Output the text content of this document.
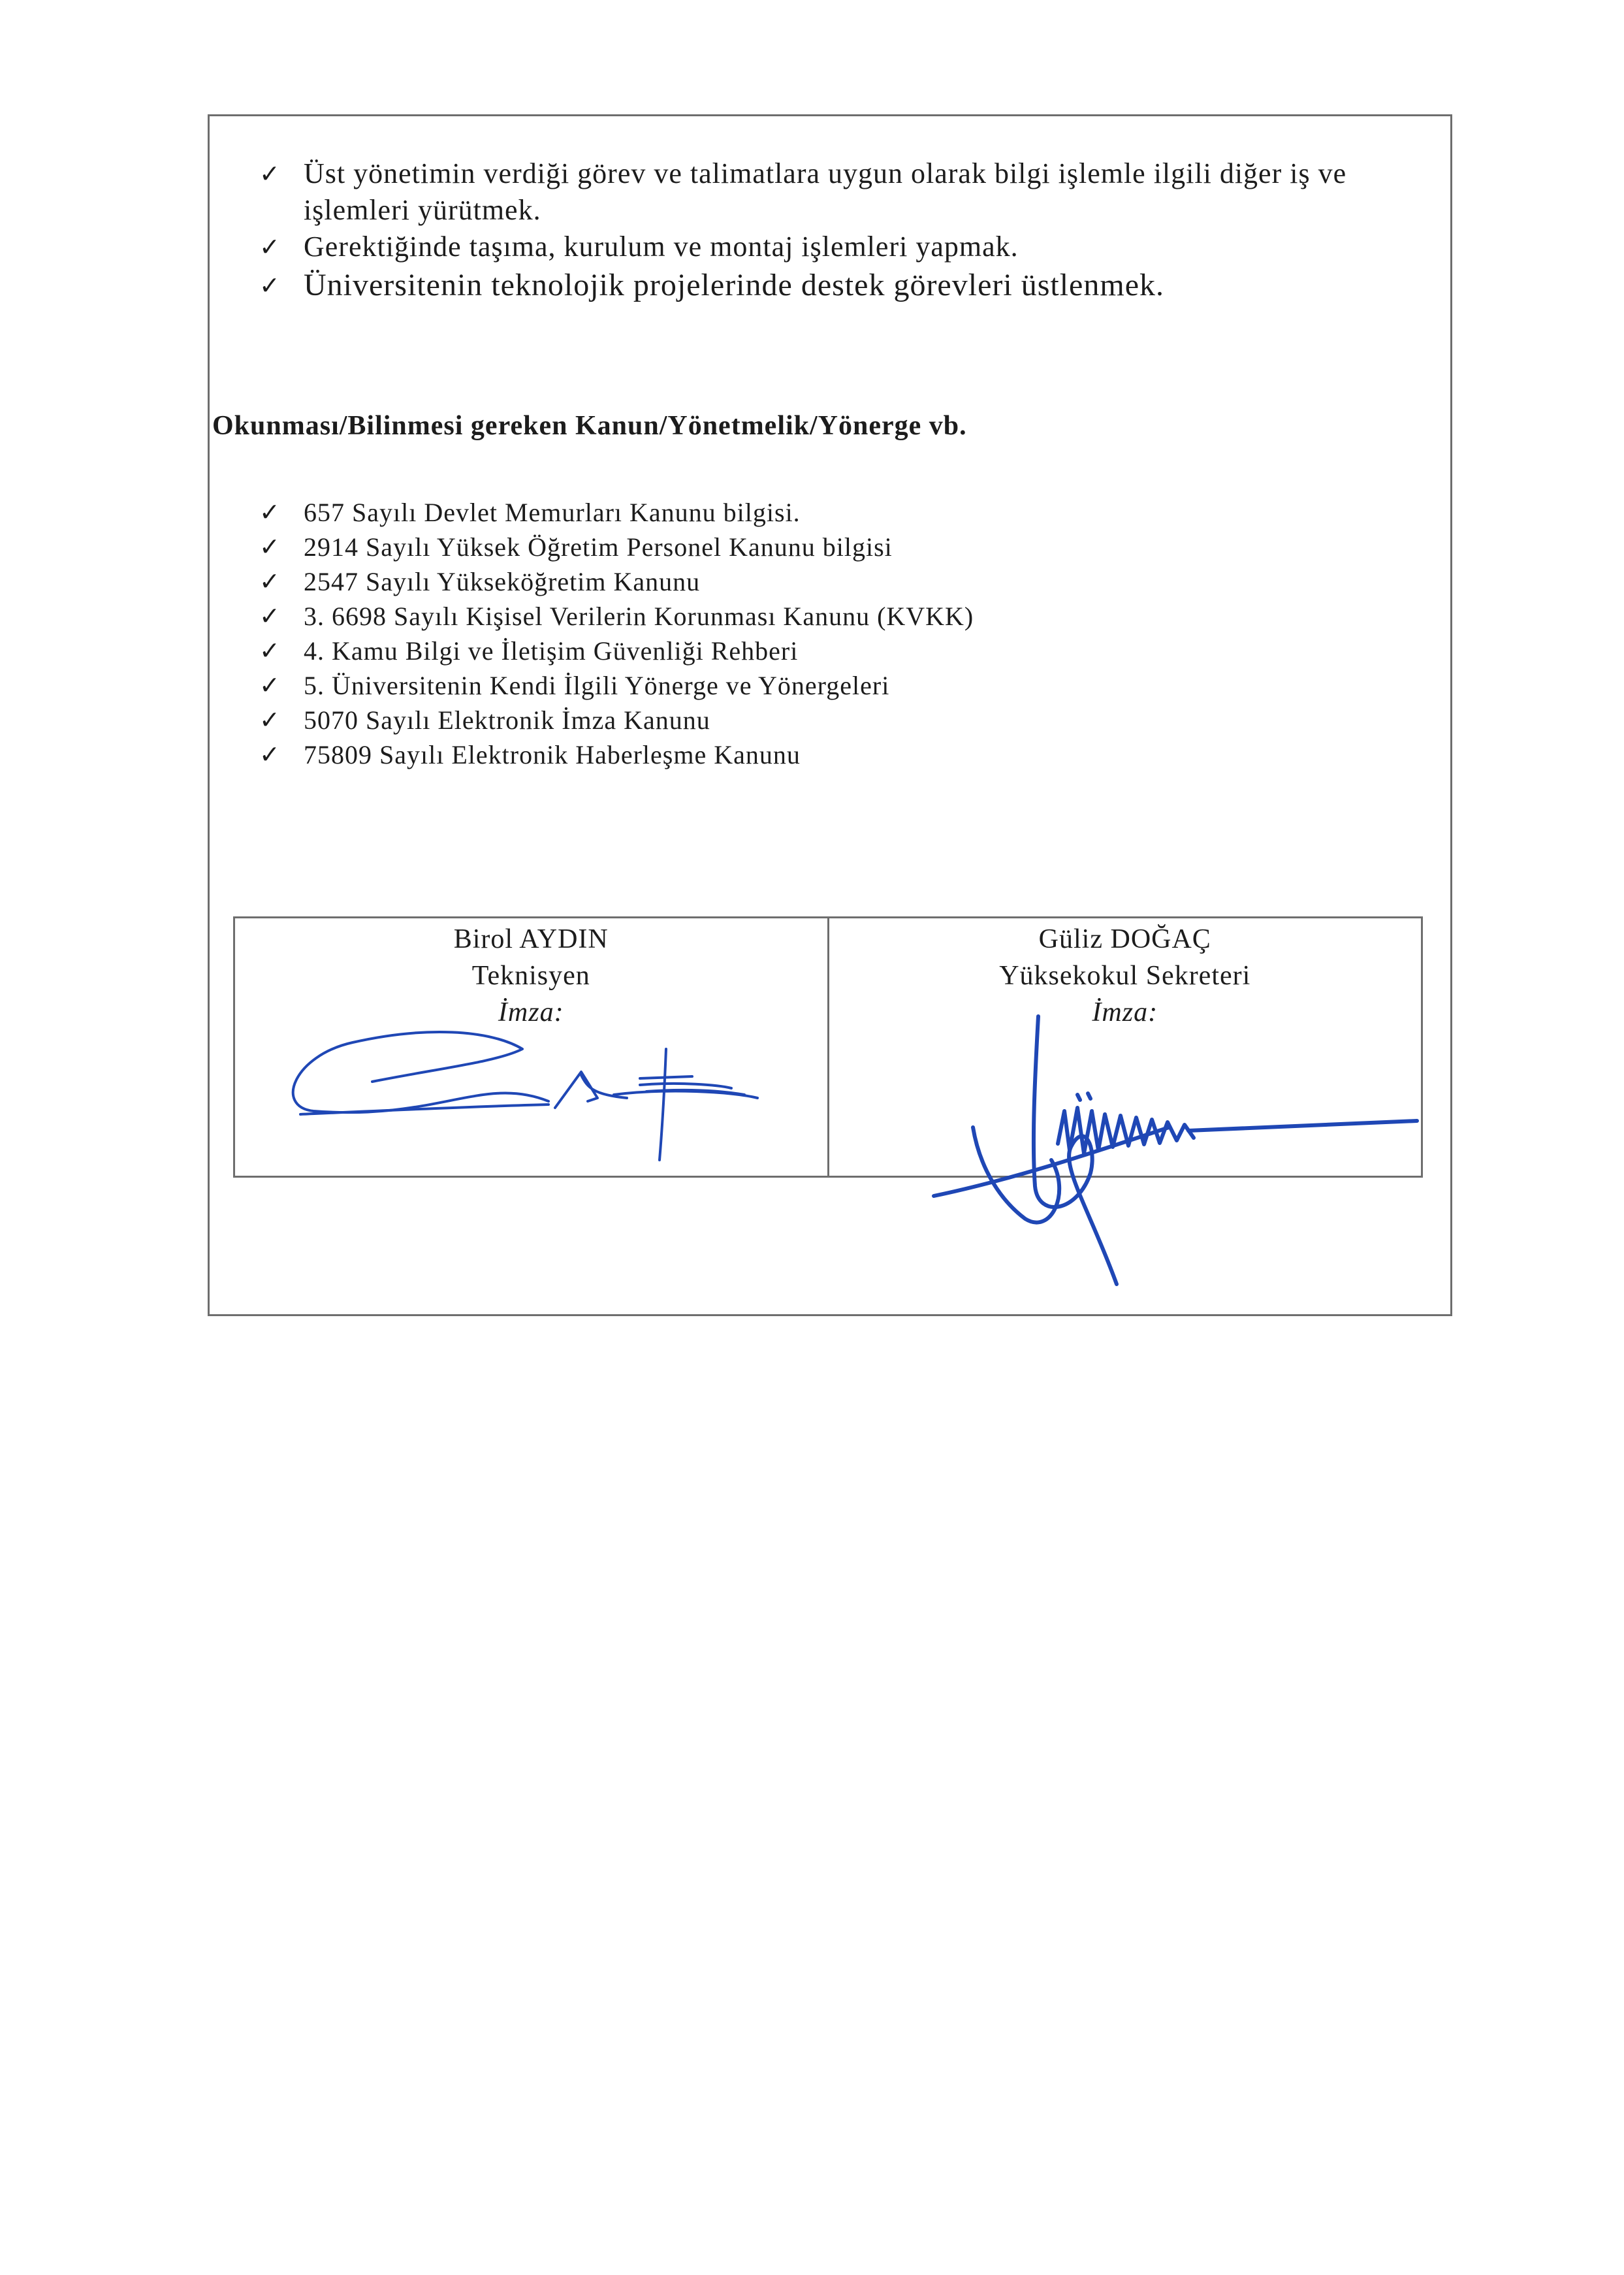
✓ Üst yönetimin verdiği görev ve talimatlara uygun olarak bilgi işlemle ilgili diğer iş ve işlemleri yürütmek.
✓ Gerektiğinde taşıma, kurulum ve montaj işlemleri yapmak.
✓ Üniversitenin teknolojik projelerinde destek görevleri üstlenmek.
Okunması/Bilinmesi gereken Kanun/Yönetmelik/Yönerge vb.
✓ 657 Sayılı Devlet Memurları Kanunu bilgisi.
✓ 2914 Sayılı Yüksek Öğretim Personel Kanunu bilgisi
✓ 2547 Sayılı Yükseköğretim Kanunu
✓ 3. 6698 Sayılı Kişisel Verilerin Korunması Kanunu (KVKK)
✓ 4. Kamu Bilgi ve İletişim Güvenliği Rehberi
✓ 5. Üniversitenin Kendi İlgili Yönerge ve Yönergeleri
✓ 5070 Sayılı Elektronik İmza Kanunu
✓ 75809 Sayılı Elektronik Haberleşme Kanunu
Birol AYDIN
Teknisyen
İmza:
Güliz DOĞAÇ
Yüksekokul Sekreteri
İmza:
